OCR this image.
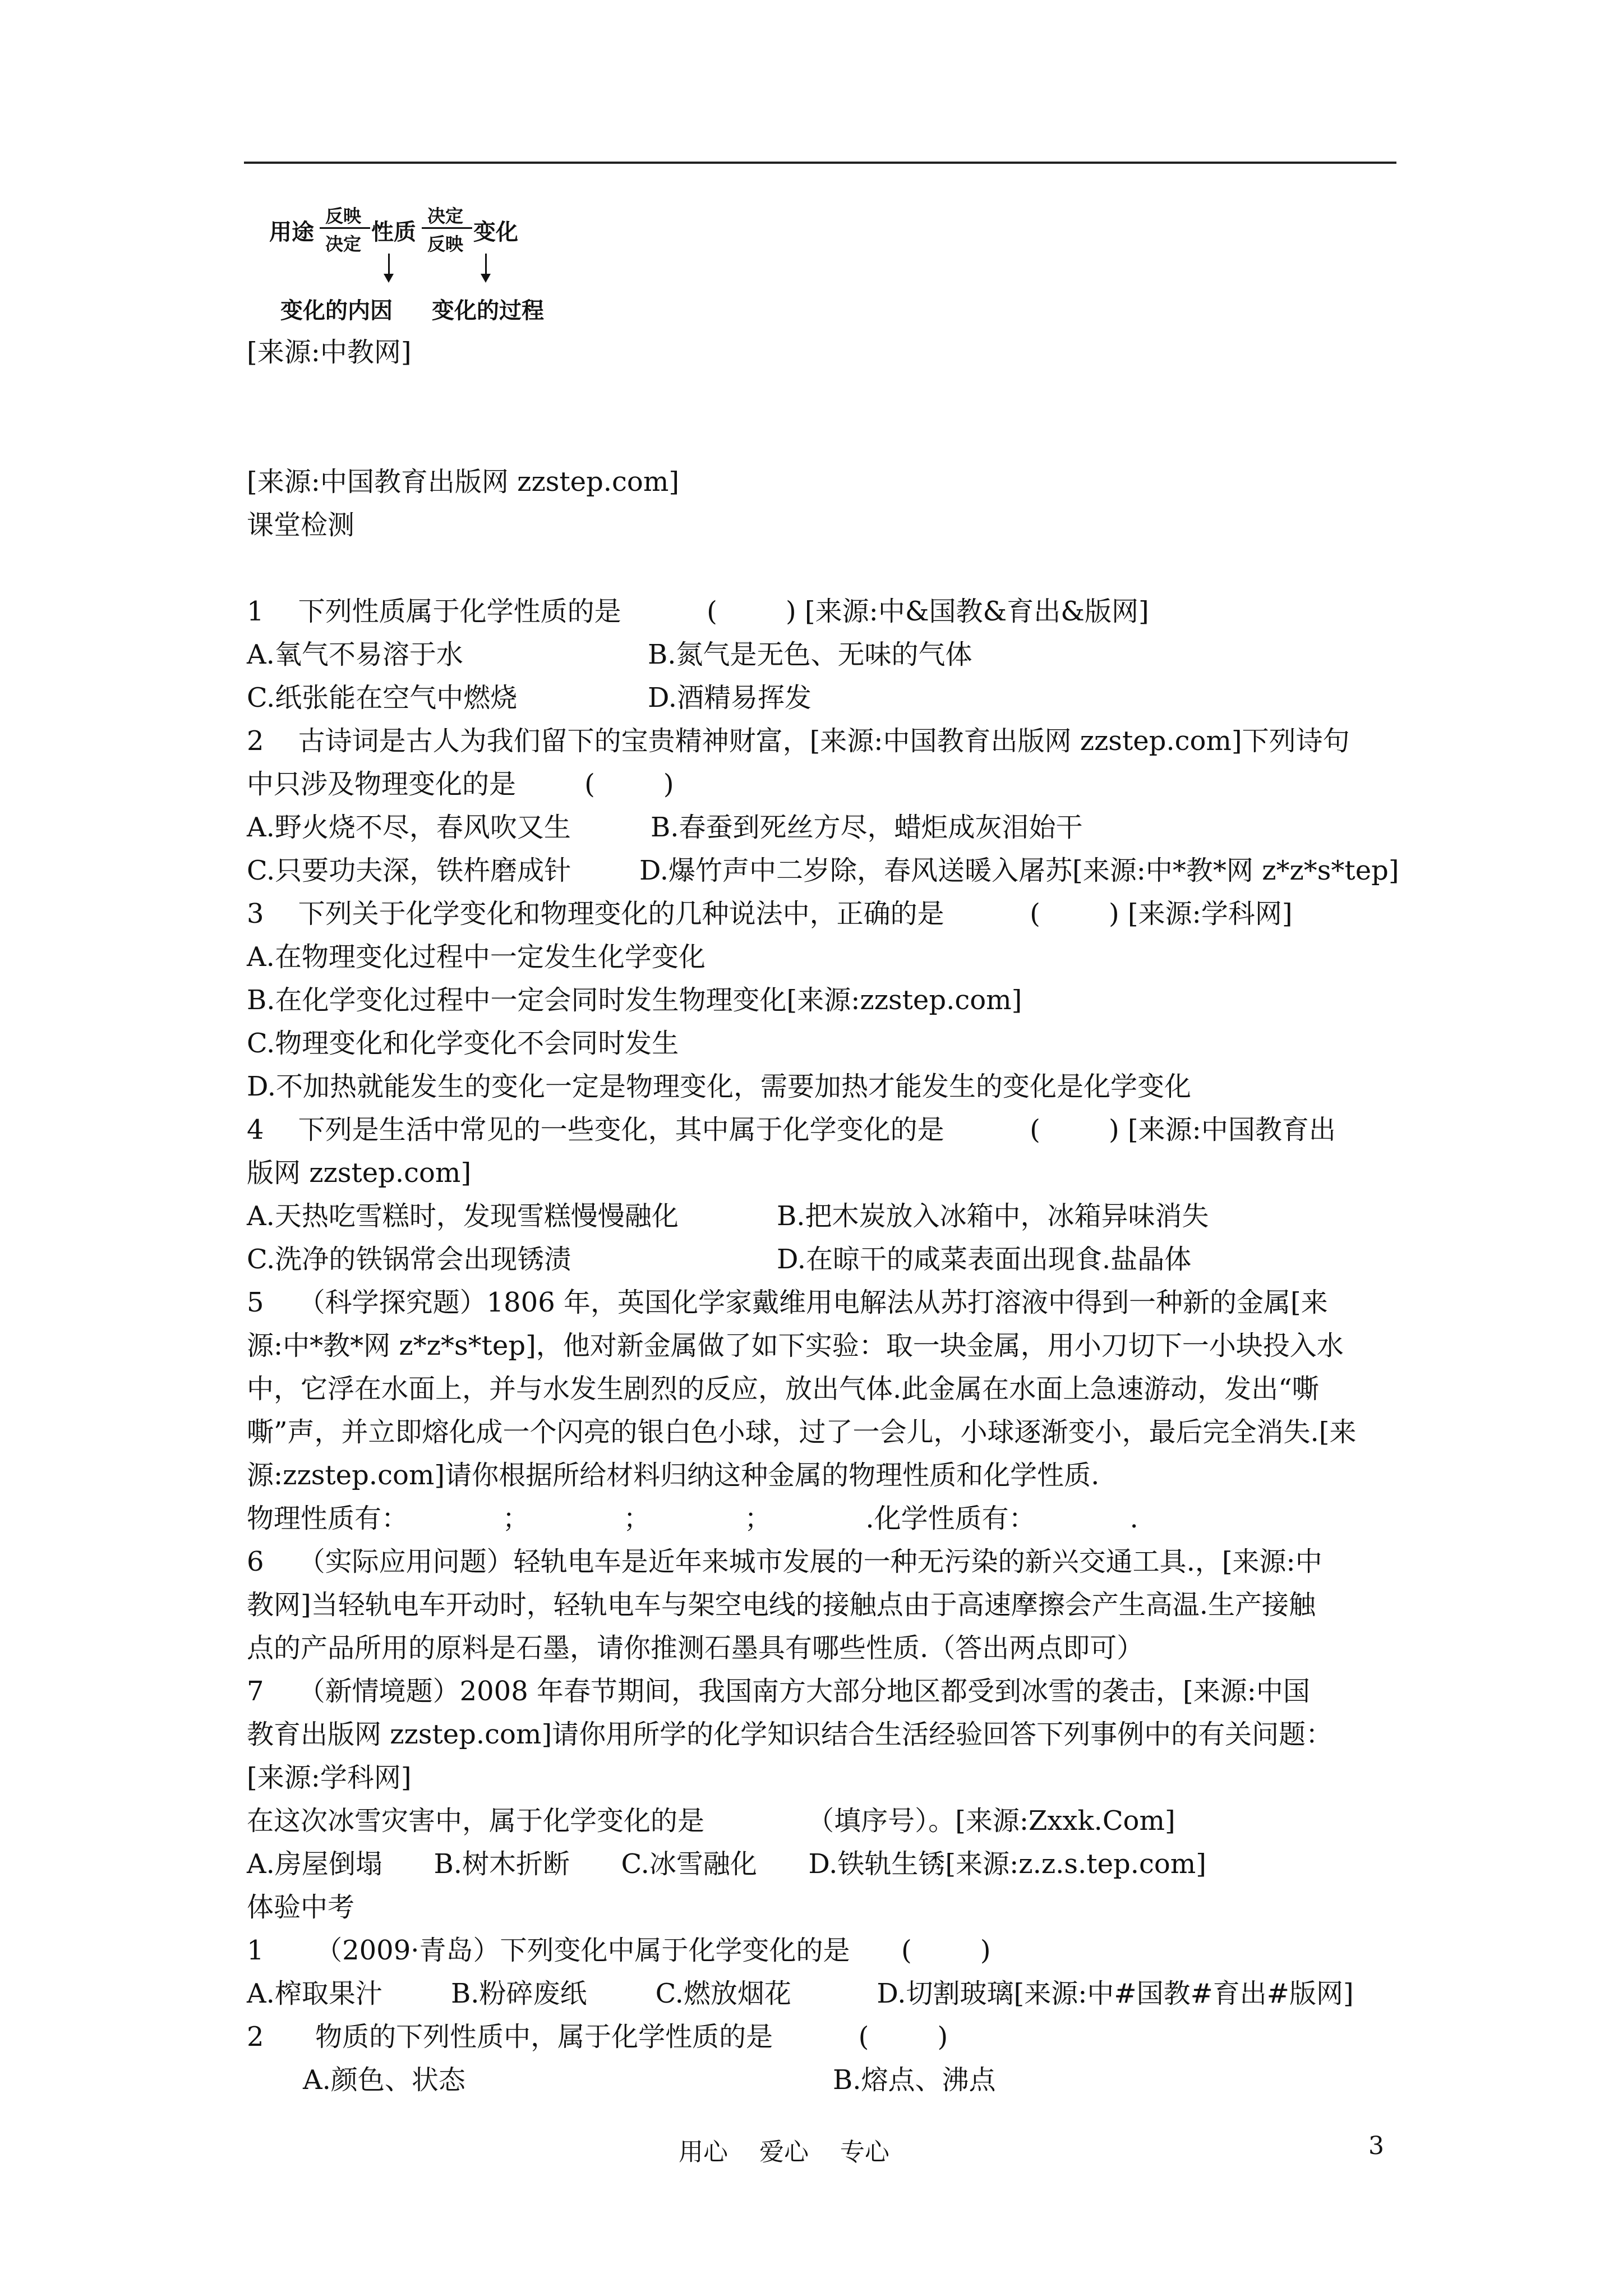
用途
反映
决定 性质
决定
反映 变化
变化的内因 变化的过程
[来源:中教网]
[来源:中国教育出版网 zzstep.com]
课堂检测
1    下列性质属于化学性质的是          (        ) [来源:中&国教&育出&版网]
A.氧气不易溶于水	B.氮气是无色、无味的气体
C.纸张能在空气中燃烧	D.酒精易挥发
2    古诗词是古人为我们留下的宝贵精神财富，[来源:中国教育出版网 zzstep.com]下列诗句
中只涉及物理变化的是        (        )
A.野火烧不尽，春风吹又生	B.春蚕到死丝方尽，蜡炬成灰泪始干
C.只要功夫深，铁杵磨成针	D.爆竹声中二岁除，春风送暖入屠苏[来源:中*教*网 z*z*s*tep]
3    下列关于化学变化和物理变化的几种说法中，正确的是          (        ) [来源:学科网]
A.在物理变化过程中一定发生化学变化
B.在化学变化过程中一定会同时发生物理变化[来源:zzstep.com]
C.物理变化和化学变化不会同时发生
D.不加热就能发生的变化一定是物理变化，需要加热才能发生的变化是化学变化
4    下列是生活中常见的一些变化，其中属于化学变化的是          (        ) [来源:中国教育出
版网 zzstep.com]
A.天热吃雪糕时，发现雪糕慢慢融化	B.把木炭放入冰箱中，冰箱异味消失
C.洗净的铁锅常会出现锈渍	D.在晾干的咸菜表面出现食.盐晶体
5    （科学探究题）1806 年，英国化学家戴维用电解法从苏打溶液中得到一种新的金属[来
源:中*教*网 z*z*s*tep]，他对新金属做了如下实验：取一块金属，用小刀切下一小块投入水
中，它浮在水面上，并与水发生剧烈的反应，放出气体.此金属在水面上急速游动，发出“嘶
嘶”声，并立即熔化成一个闪亮的银白色小球，过了一会儿，小球逐渐变小，最后完全消失.[来
源:zzstep.com]请你根据所给材料归纳这种金属的物理性质和化学性质.
物理性质有：           ；           ；           ；           .化学性质有：           .
6    （实际应用问题）轻轨电车是近年来城市发展的一种无污染的新兴交通工具.，[来源:中
教网]当轻轨电车开动时，轻轨电车与架空电线的接触点由于高速摩擦会产生高温.生产接触
点的产品所用的原料是石墨，请你推测石墨具有哪些性质.（答出两点即可）
7    （新情境题）2008 年春节期间，我国南方大部分地区都受到冰雪的袭击，[来源:中国
教育出版网 zzstep.com]请你用所学的化学知识结合生活经验回答下列事例中的有关问题：
[来源:学科网]
在这次冰雪灾害中，属于化学变化的是            （填序号）。[来源:Zxxk.Com]
A.房屋倒塌      B.树木折断      C.冰雪融化      D.铁轨生锈[来源:z.z.s.tep.com]
体验中考
1      （2009·青岛）下列变化中属于化学变化的是      (        )
A.榨取果汁        B.粉碎废纸        C.燃放烟花          D.切割玻璃[来源:中#国教#育出#版网]
2      物质的下列性质中，属于化学性质的是          (        )
A.颜色、状态	B.熔点、沸点
用心    爱心    专心	3
